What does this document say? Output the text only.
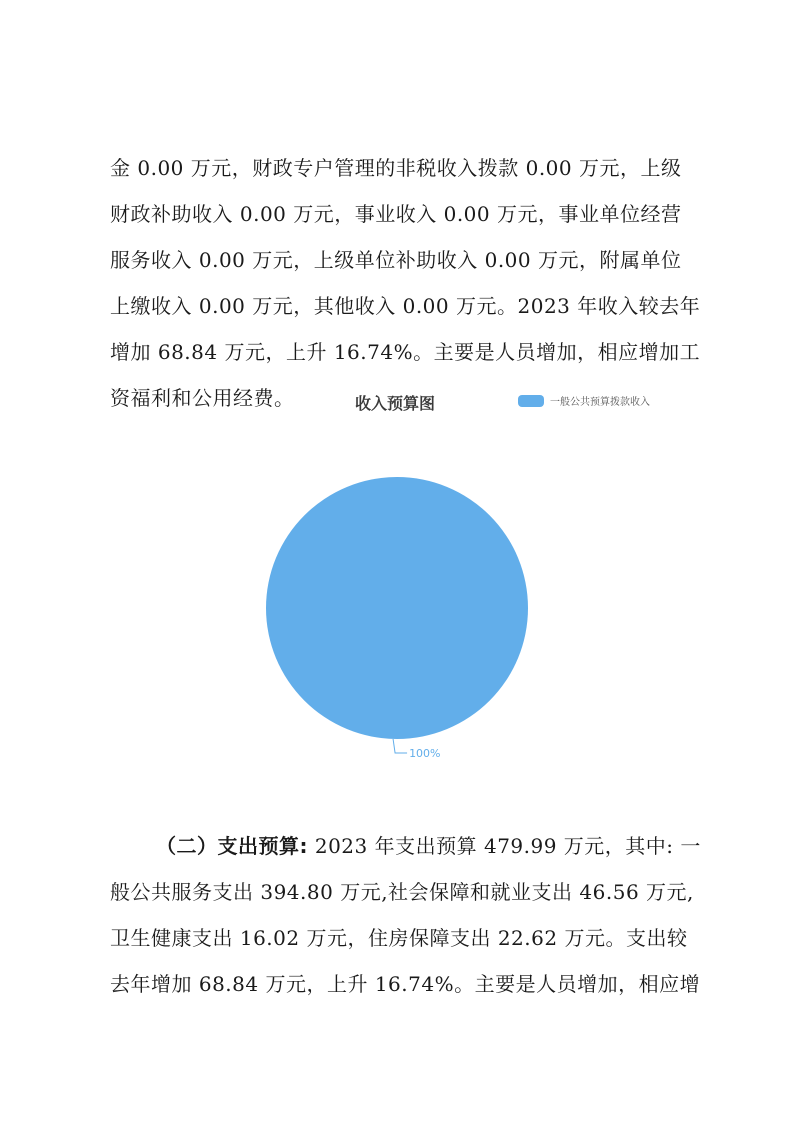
金 0.00 万元，财政专户管理的非税收入拨款 0.00 万元，上级
财政补助收入 0.00 万元，事业收入 0.00 万元，事业单位经营
服务收入 0.00 万元，上级单位补助收入 0.00 万元，附属单位
上缴收入 0.00 万元，其他收入 0.00 万元。2023 年收入较去年
增加 68.84 万元，上升 16.74%。主要是人员增加，相应增加工
资福利和公用经费。	收入预算图	一般公共预算拨款收入
100%
（二）支出预算: 2023 年支出预算 479.99 万元，其中: 一
般公共服务支出 394.80 万元,社会保障和就业支出 46.56 万元,
卫生健康支出 16.02 万元，住房保障支出 22.62 万元。支出较
去年增加 68.84 万元，上升 16.74%。主要是人员增加，相应增
